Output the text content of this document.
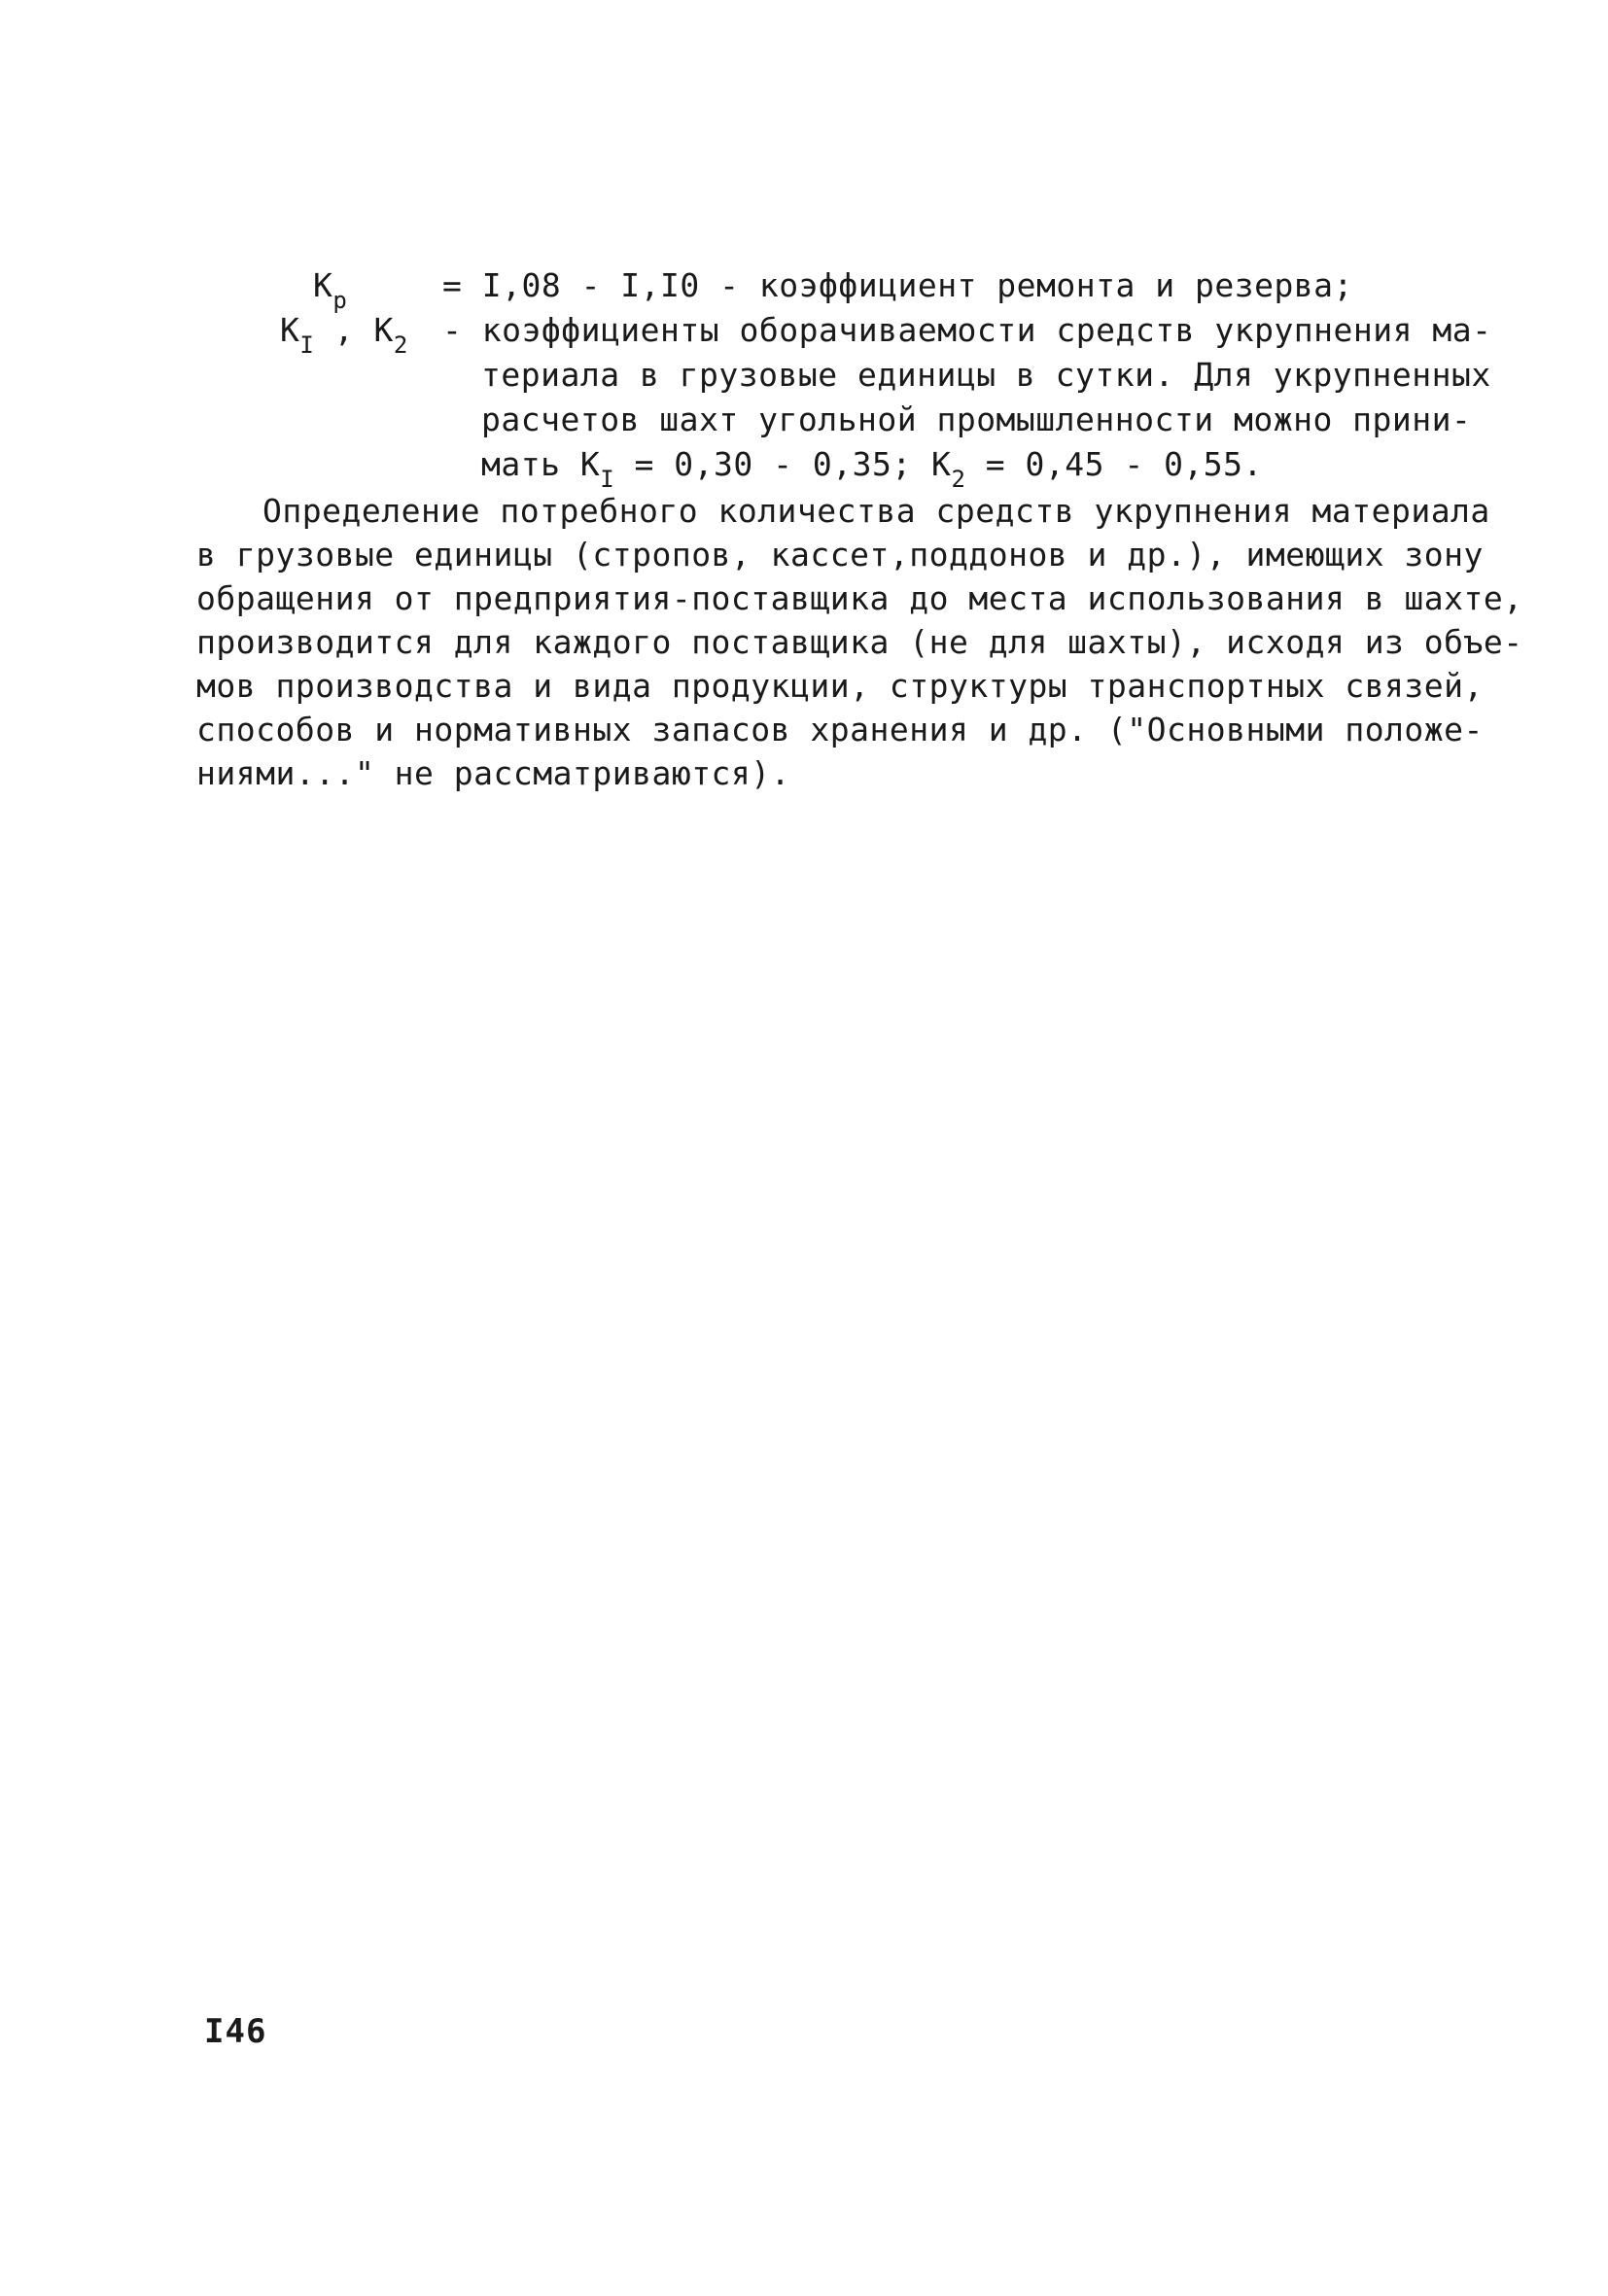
$К_р$	= I,08 - I,I0 - коэффициент ремонта и резерва;
$К_I$ , $К_2$ - коэффициенты оборачиваемости средств укрупнения ма-
териала в грузовые единицы в сутки. Для укрупненных
расчетов шахт угольной промышленности можно прини-
мать $К_I = 0,30 - 0,35$; $К_2 = 0,45 - 0,55$.
Определение потребного количества средств укрупнения материала
в грузовые единицы (стропов, кассет,поддонов и др.), имеющих зону
обращения от предприятия-поставщика до места использования в шахте,
производится для каждого поставщика (не для шахты), исходя из объе-
мов производства и вида продукции, структуры транспортных связей,
способов и нормативных запасов хранения и др. ("Основными положе-
ниями..." не рассматриваются).
I46
